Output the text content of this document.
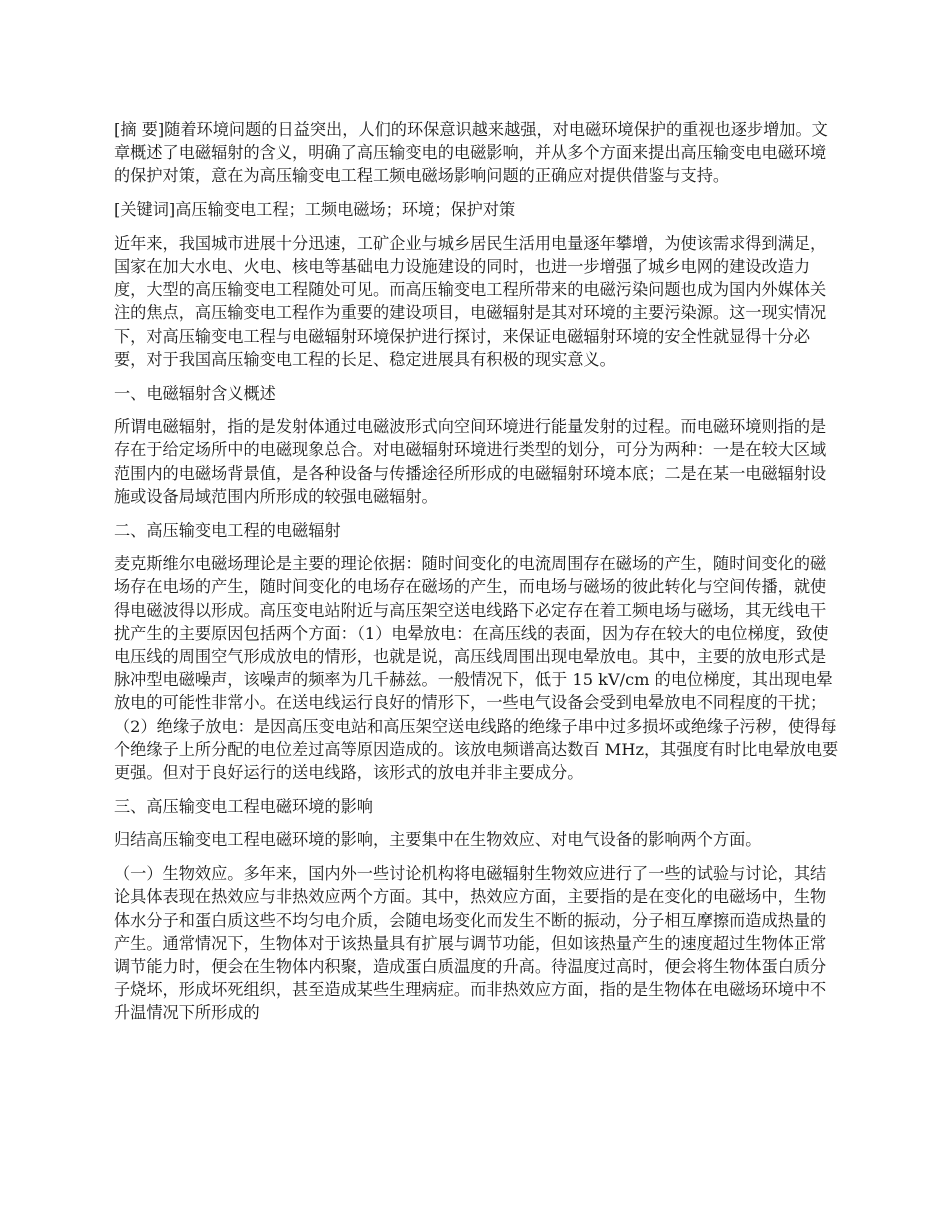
[摘 要]随着环境问题的日益突出，人们的环保意识越来越强，对电磁环境保护的重视也逐步增加。文章概述了电磁辐射的含义，明确了高压输变电的电磁影响，并从多个方面来提出高压输变电电磁环境的保护对策，意在为高压输变电工程工频电磁场影响问题的正确应对提供借鉴与支持。

[关键词]高压输变电工程；工频电磁场；环境；保护对策

近年来，我国城市进展十分迅速，工矿企业与城乡居民生活用电量逐年攀增，为使该需求得到满足，国家在加大水电、火电、核电等基础电力设施建设的同时，也进一步增强了城乡电网的建设改造力度，大型的高压输变电工程随处可见。而高压输变电工程所带来的电磁污染问题也成为国内外媒体关注的焦点，高压输变电工程作为重要的建设项目，电磁辐射是其对环境的主要污染源。这一现实情况下，对高压输变电工程与电磁辐射环境保护进行探讨，来保证电磁辐射环境的安全性就显得十分必要，对于我国高压输变电工程的长足、稳定进展具有积极的现实意义。

一、电磁辐射含义概述

所谓电磁辐射，指的是发射体通过电磁波形式向空间环境进行能量发射的过程。而电磁环境则指的是存在于给定场所中的电磁现象总合。对电磁辐射环境进行类型的划分，可分为两种：一是在较大区域范围内的电磁场背景值，是各种设备与传播途径所形成的电磁辐射环境本底；二是在某一电磁辐射设施或设备局域范围内所形成的较强电磁辐射。

二、高压输变电工程的电磁辐射

麦克斯维尔电磁场理论是主要的理论依据：随时间变化的电流周围存在磁场的产生，随时间变化的磁场存在电场的产生，随时间变化的电场存在磁场的产生，而电场与磁场的彼此转化与空间传播，就使得电磁波得以形成。高压变电站附近与高压架空送电线路下必定存在着工频电场与磁场，其无线电干扰产生的主要原因包括两个方面：（1）电晕放电：在高压线的表面，因为存在较大的电位梯度，致使电压线的周围空气形成放电的情形，也就是说，高压线周围出现电晕放电。其中，主要的放电形式是脉冲型电磁噪声，该噪声的频率为几千赫兹。一般情况下，低于 15 kV/cm 的电位梯度，其出现电晕放电的可能性非常小。在送电线运行良好的情形下，一些电气设备会受到电晕放电不同程度的干扰；（2）绝缘子放电：是因高压变电站和高压架空送电线路的绝缘子串中过多损坏或绝缘子污秽，使得每个绝缘子上所分配的电位差过高等原因造成的。该放电频谱高达数百 MHz，其强度有时比电晕放电要更强。但对于良好运行的送电线路，该形式的放电并非主要成分。

三、高压输变电工程电磁环境的影响

归结高压输变电工程电磁环境的影响，主要集中在生物效应、对电气设备的影响两个方面。

（一）生物效应。多年来，国内外一些讨论机构将电磁辐射生物效应进行了一些的试验与讨论，其结论具体表现在热效应与非热效应两个方面。其中，热效应方面，主要指的是在变化的电磁场中，生物体水分子和蛋白质这些不均匀电介质，会随电场变化而发生不断的振动，分子相互摩擦而造成热量的产生。通常情况下，生物体对于该热量具有扩展与调节功能，但如该热量产生的速度超过生物体正常调节能力时，便会在生物体内积聚，造成蛋白质温度的升高。待温度过高时，便会将生物体蛋白质分子烧坏，形成坏死组织，甚至造成某些生理病症。而非热效应方面，指的是生物体在电磁场环境中不升温情况下所形成的
